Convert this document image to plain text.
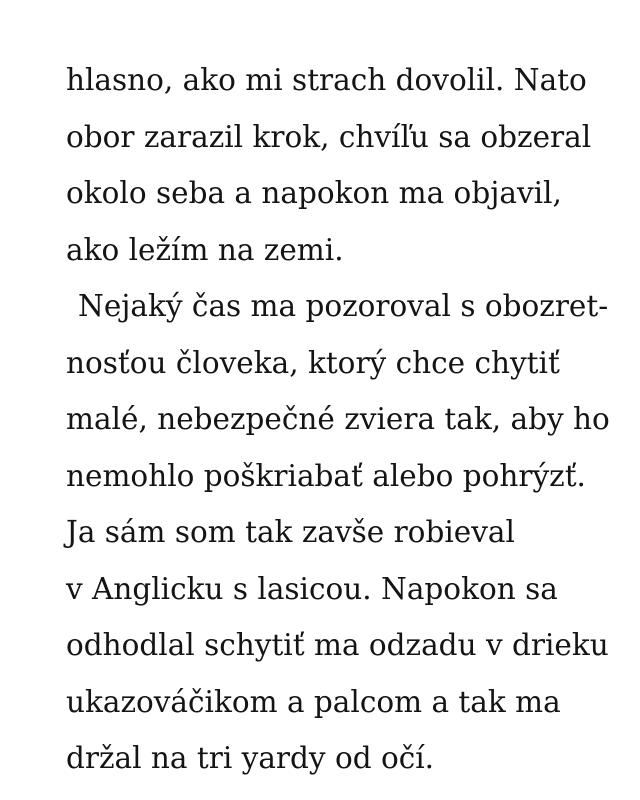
hlasno, ako mi strach dovolil. Nato
obor zarazil krok, chvíľu sa obzeral
okolo seba a napokon ma objavil,
ako ležím na zemi.
Nejaký čas ma pozoroval s obozret-
nosťou človeka, ktorý chce chytiť
malé, nebezpečné zviera tak, aby ho
nemohlo poškriabať alebo pohrýzť.
Ja sám som tak zavše robieval
v Anglicku s lasicou. Napokon sa
odhodlal schytiť ma odzadu v drieku
ukazováčikom a palcom a tak ma
držal na tri yardy od očí.
